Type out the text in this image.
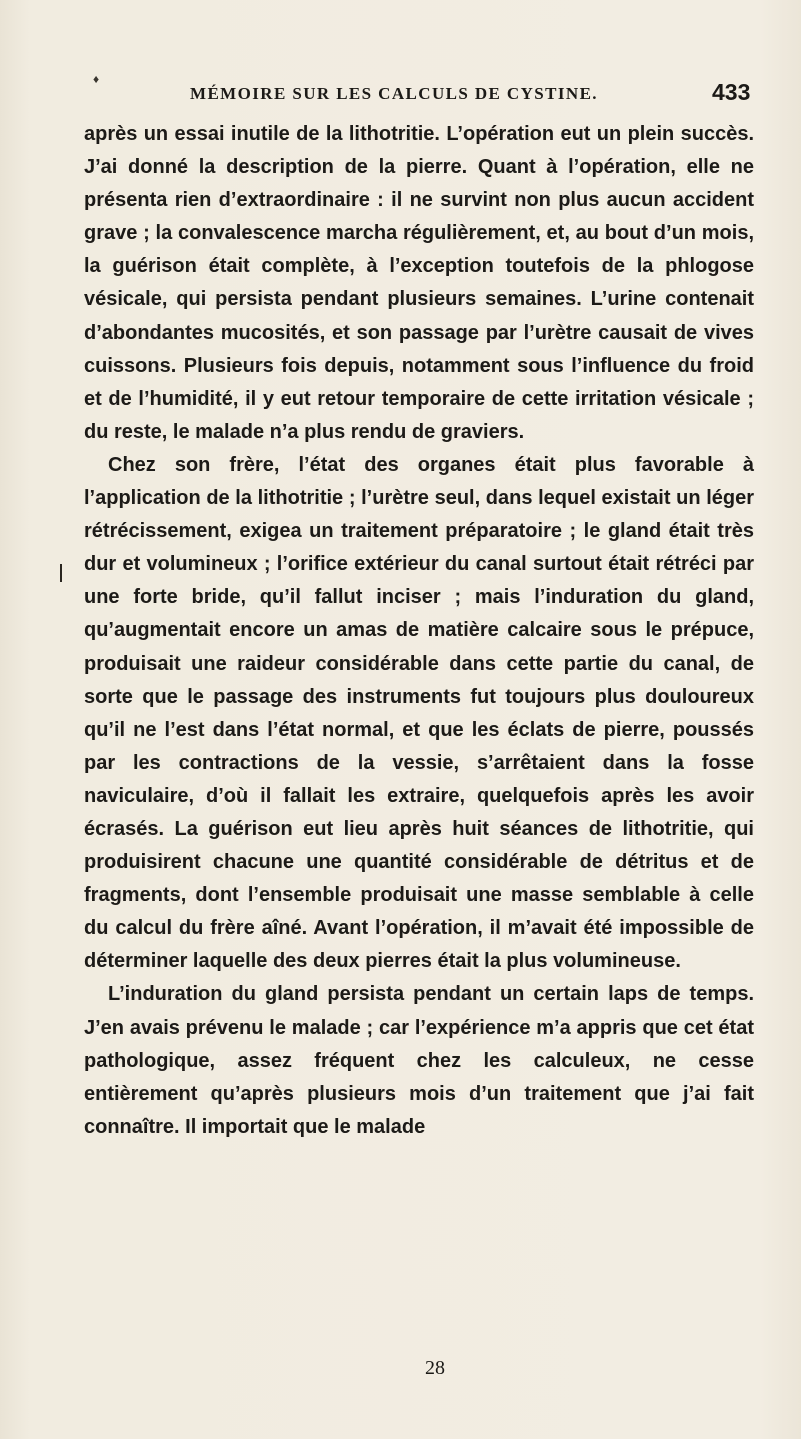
♦
MÉMOIRE SUR LES CALCULS DE CYSTINE.	433

après un essai inutile de la lithotritie. L’opération eut un plein succès. J’ai donné la description de la pierre. Quant à l’opération, elle ne présenta rien d’extraordinaire : il ne survint non plus aucun accident grave ; la convalescence marcha régulièrement, et, au bout d’un mois, la guérison était complète, à l’exception toutefois de la phlogose vésicale, qui persista pendant plusieurs semaines. L’urine contenait d’abondantes mucosités, et son passage par l’urètre causait de vives cuissons. Plusieurs fois depuis, notamment sous l’influence du froid et de l’humidité, il y eut retour temporaire de cette irritation vésicale ; du reste, le malade n’a plus rendu de graviers.

Chez son frère, l’état des organes était plus favorable à l’application de la lithotritie ; l’urètre seul, dans lequel existait un léger rétrécissement, exigea un traitement préparatoire ; le gland était très dur et volumineux ; l’orifice extérieur du canal surtout était rétréci par une forte bride, qu’il fallut inciser ; mais l’induration du gland, qu’augmentait encore un amas de matière calcaire sous le prépuce, produisait une raideur considérable dans cette partie du canal, de sorte que le passage des instruments fut toujours plus douloureux qu’il ne l’est dans l’état normal, et que les éclats de pierre, poussés par les contractions de la vessie, s’arrêtaient dans la fosse naviculaire, d’où il fallait les extraire, quelquefois après les avoir écrasés. La guérison eut lieu après huit séances de lithotritie, qui produisirent chacune une quantité considérable de détritus et de fragments, dont l’ensemble produisait une masse semblable à celle du calcul du frère aîné. Avant l’opération, il m’avait été impossible de déterminer laquelle des deux pierres était la plus volumineuse.

L’induration du gland persista pendant un certain laps de temps. J’en avais prévenu le malade ; car l’expérience m’a appris que cet état pathologique, assez fréquent chez les calculeux, ne cesse entièrement qu’après plusieurs mois d’un traitement que j’ai fait connaître. Il importait que le malade

28
